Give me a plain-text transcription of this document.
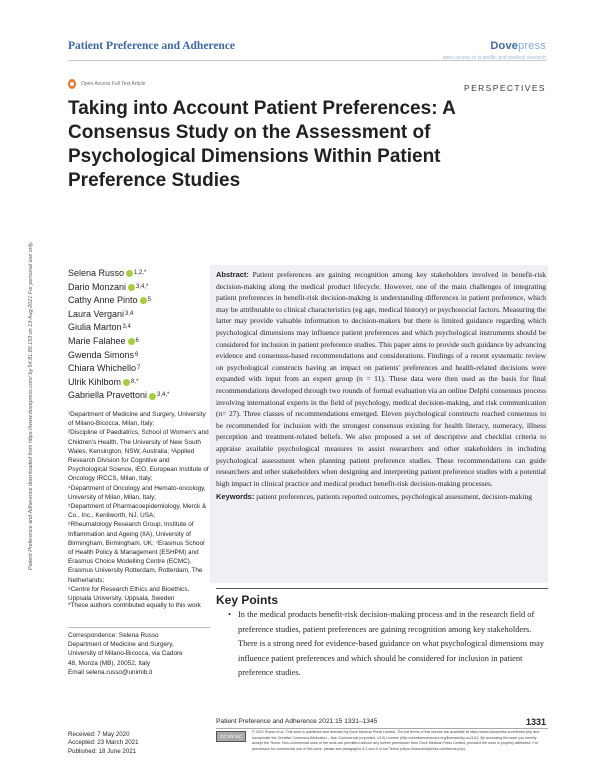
Patient Preference and Adherence	Dovepress
open access to scientific and medical research
Open Access Full Text Article	PERSPECTIVES
Taking into Account Patient Preferences: A Consensus Study on the Assessment of Psychological Dimensions Within Patient Preference Studies
Patient Preference and Adherence downloaded from https://www.dovepress.com/ by 54.81.89.153 on 13-Aug-2021 For personal use only.	Selena Russo 1,2,*
Dario Monzani 3,4,*
Cathy Anne Pinto 5
Laura Vergani 3,4
Giulia Marton 3,4
Marie Falahee 6
Gwenda Simons 6
Chiara Whichello 7
Ulrik Kihlbom 8,*
Gabriella Pravettoni 3,4,*
¹Department of Medicine and Surgery, University of Milano-Bicocca, Milan, Italy;
²Discipline of Paediatrics, School of Women's and Children's Health, The University of New South Wales, Kensington, NSW, Australia; ³Applied Research Division for Cognitive and Psychological Science, IEO, European Institute of Oncology IRCCS, Milan, Italy;
⁴Department of Oncology and Hemato-oncology, University of Milan, Milan, Italy;
⁵Department of Pharmacoepidemiology, Merck & Co., Inc., Kenilworth, NJ, USA;
⁶Rheumatology Research Group, Institute of Inflammation and Ageing (IIA), University of Birmingham, Birmingham, UK; ⁷Erasmus School of Health Policy & Management (ESHPM) and Erasmus Choice Modelling Centre (ECMC), Erasmus University Rotterdam, Rotterdam, The Netherlands;
⁸Centre for Research Ethics and Bioethics, Uppsala University, Uppsala, Sweden
*These authors contributed equally to this work
Correspondence: Selena Russo
Department of Medicine and Surgery,
University of Milano-Bicocca, via Cadore
48, Monza (MB), 20052, Italy
Email selena.russo@unimib.it

Abstract: Patient preferences are gaining recognition among key stakeholders involved in benefit-risk decision-making along the medical product lifecycle. However, one of the main challenges of integrating patient preferences in benefit-risk decision-making is understanding differences in patient preference, which may be attributable to clinical characteristics (eg age, medical history) or psychosocial factors. Measuring the latter may provide valuable information to decision-makers but there is limited guidance regarding which psychological dimensions may influence patient preferences and which psychological instruments should be considered for inclusion in patient preference studies. This paper aims to provide such guidance by advancing evidence and consensus-based recommendations and considerations. Findings of a recent systematic review on psychological constructs having an impact on patients' preferences and health-related decisions were expanded with input from an expert group (n = 11). These data were then used as the basis for final recommendations developed through two rounds of formal evaluation via an online Delphi consensus process involving international experts in the field of psychology, medical decision-making, and risk communication (n= 27). Three classes of recommendations emerged. Eleven psychological constructs reached consensus to be recommended for inclusion with the strongest consensus existing for health literacy, numeracy, illness perception and treatment-related beliefs. We also proposed a set of descriptive and checklist criteria to appraise available psychological measures to assist researchers and other stakeholders in including psychological assessment when planning patient preference studies. These recommendations can guide researchers and other stakeholders when designing and interpreting patient preference studies with a potential high impact in clinical practice and medical product benefit-risk decision-making processes.

Keywords: patient preferences, patients reported outcomes, psychological assessment, decision-making

Key Points
• In the medical products benefit-risk decision-making process and in the research field of preference studies, patient preferences are gaining recognition among key stakeholders. There is a strong need for evidence-based guidance on what psychological dimensions may influence patient preferences and which should be considered for inclusion in patient preference studies.
Received: 7 May 2020
Accepted: 23 March 2021
Published: 18 June 2021
Patient Preference and Adherence 2021:15 1331–1345	1331
CC BY NC
© 2021 Russo et al. This work is published and licensed by Dove Medical Press Limited. The full terms of this license are available at https://www.dovepress.com/terms.php and incorporate the Creative Commons Attribution – Non Commercial (unported, v3.0) License (http://creativecommons.org/licenses/by-nc/3.0/). By accessing the work you hereby accept the Terms. Non-commercial uses of the work are permitted without any further permission from Dove Medical Press Limited, provided the work is properly attributed. For permission for commercial use of this work, please see paragraphs 4.2 and 5 of our Terms (https://www.dovepress.com/terms.php).
